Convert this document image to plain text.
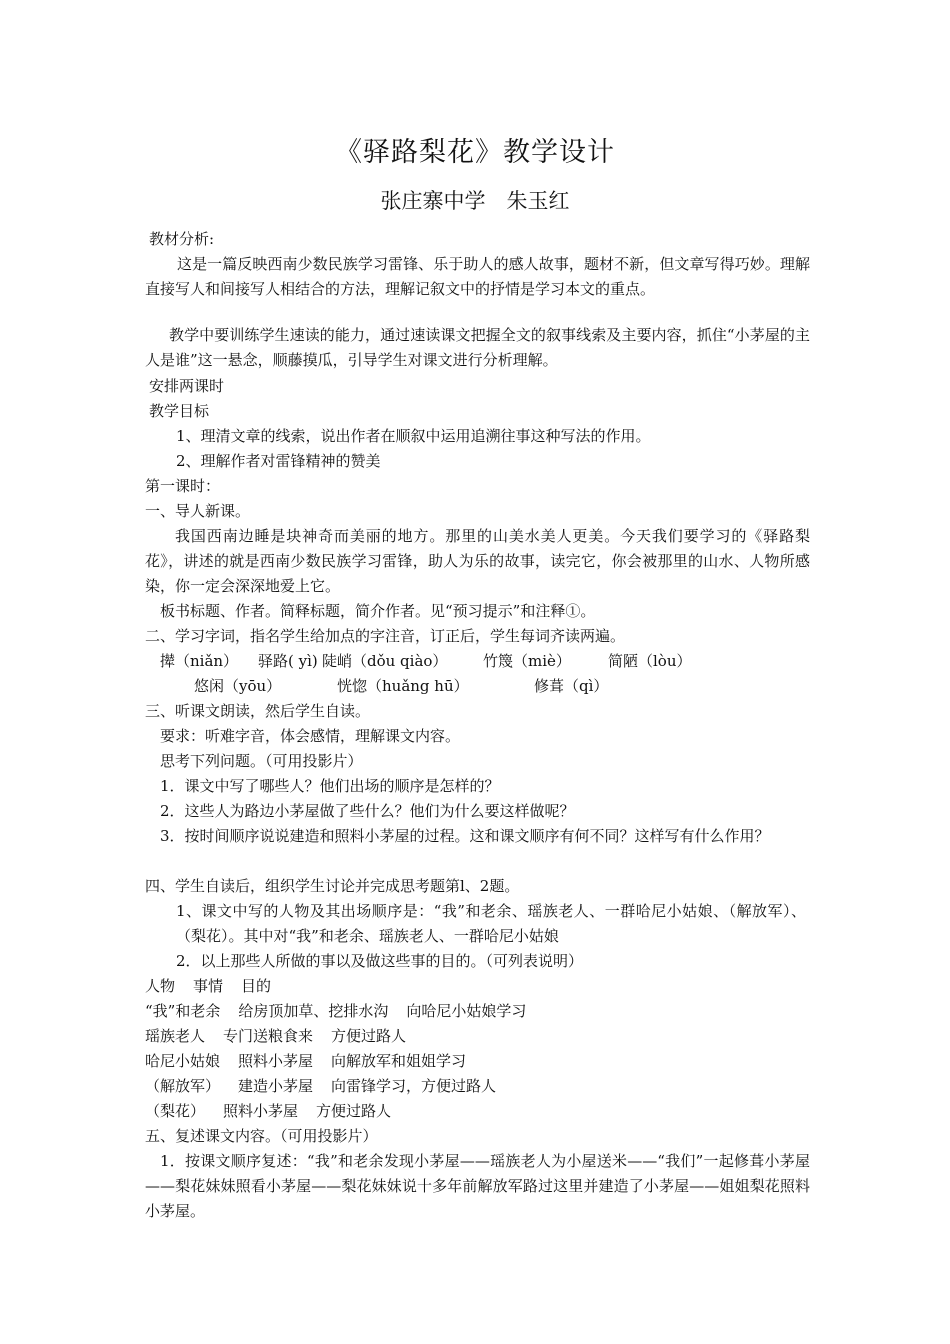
《驿路梨花》教学设计
张庄寨中学　朱玉红
教材分析:
这是一篇反映西南少数民族学习雷锋、乐于助人的感人故事，题材不新，但文章写得巧妙。理解直接写人和间接写人相结合的方法，理解记叙文中的抒情是学习本文的重点。
教学中要训练学生速读的能力，通过速读课文把握全文的叙事线索及主要内容，抓住“小茅屋的主人是谁”这一悬念，顺藤摸瓜，引导学生对课文进行分析理解。
安排两课时
教学目标
1、理清文章的线索，说出作者在顺叙中运用追溯往事这种写法的作用。
2、理解作者对雷锋精神的赞美
第一课时：
一、导人新课。
我国西南边睡是块神奇而美丽的地方。那里的山美水美人更美。今天我们要学习的《驿路梨花》，讲述的就是西南少数民族学习雷锋，助人为乐的故事，读完它，你会被那里的山水、人物所感染，你一定会深深地爱上它。
板书标题、作者。简释标题，简介作者。见“预习提示”和注释①。
二、学习字词，指名学生给加点的字注音，订正后，学生每词齐读两遍。
撵（niǎn） 驿路( yì) 陡峭（dǒu qiào） 竹篾（miè） 简陋（lòu）
悠闲（yōu）	恍惚（huǎng hū）	修葺（qì）
三、听课文朗读，然后学生自读。
要求：听难字音，体会感情，理解课文内容。
思考下列问题。（可用投影片）
1．课文中写了哪些人？他们出场的顺序是怎样的？
2．这些人为路边小茅屋做了些什么？他们为什么要这样做呢？
3．按时间顺序说说建造和照料小茅屋的过程。这和课文顺序有何不同？这样写有什么作用？
四、学生自读后，组织学生讨论并完成思考题第l、2题。
1、课文中写的人物及其出场顺序是：“我”和老余、瑶族老人、一群哈尼小姑娘、（解放军）、（梨花）。其中对“我”和老余、瑶族老人、一群哈尼小姑娘
2．以上那些人所做的事以及做这些事的目的。（可列表说明）
人物 事情 目的
“我”和老余 给房顶加草、挖排水沟 向哈尼小姑娘学习
瑶族老人 专门送粮食来 方便过路人
哈尼小姑娘 照料小茅屋 向解放军和姐姐学习
（解放军） 建造小茅屋 向雷锋学习，方便过路人
（梨花） 照料小茅屋 方便过路人
五、复述课文内容。（可用投影片）
1．按课文顺序复述：“我”和老余发现小茅屋——瑶族老人为小屋送米——“我们”一起修葺小茅屋——梨花妹妹照看小茅屋——梨花妹妹说十多年前解放军路过这里并建造了小茅屋——姐姐梨花照料小茅屋。
